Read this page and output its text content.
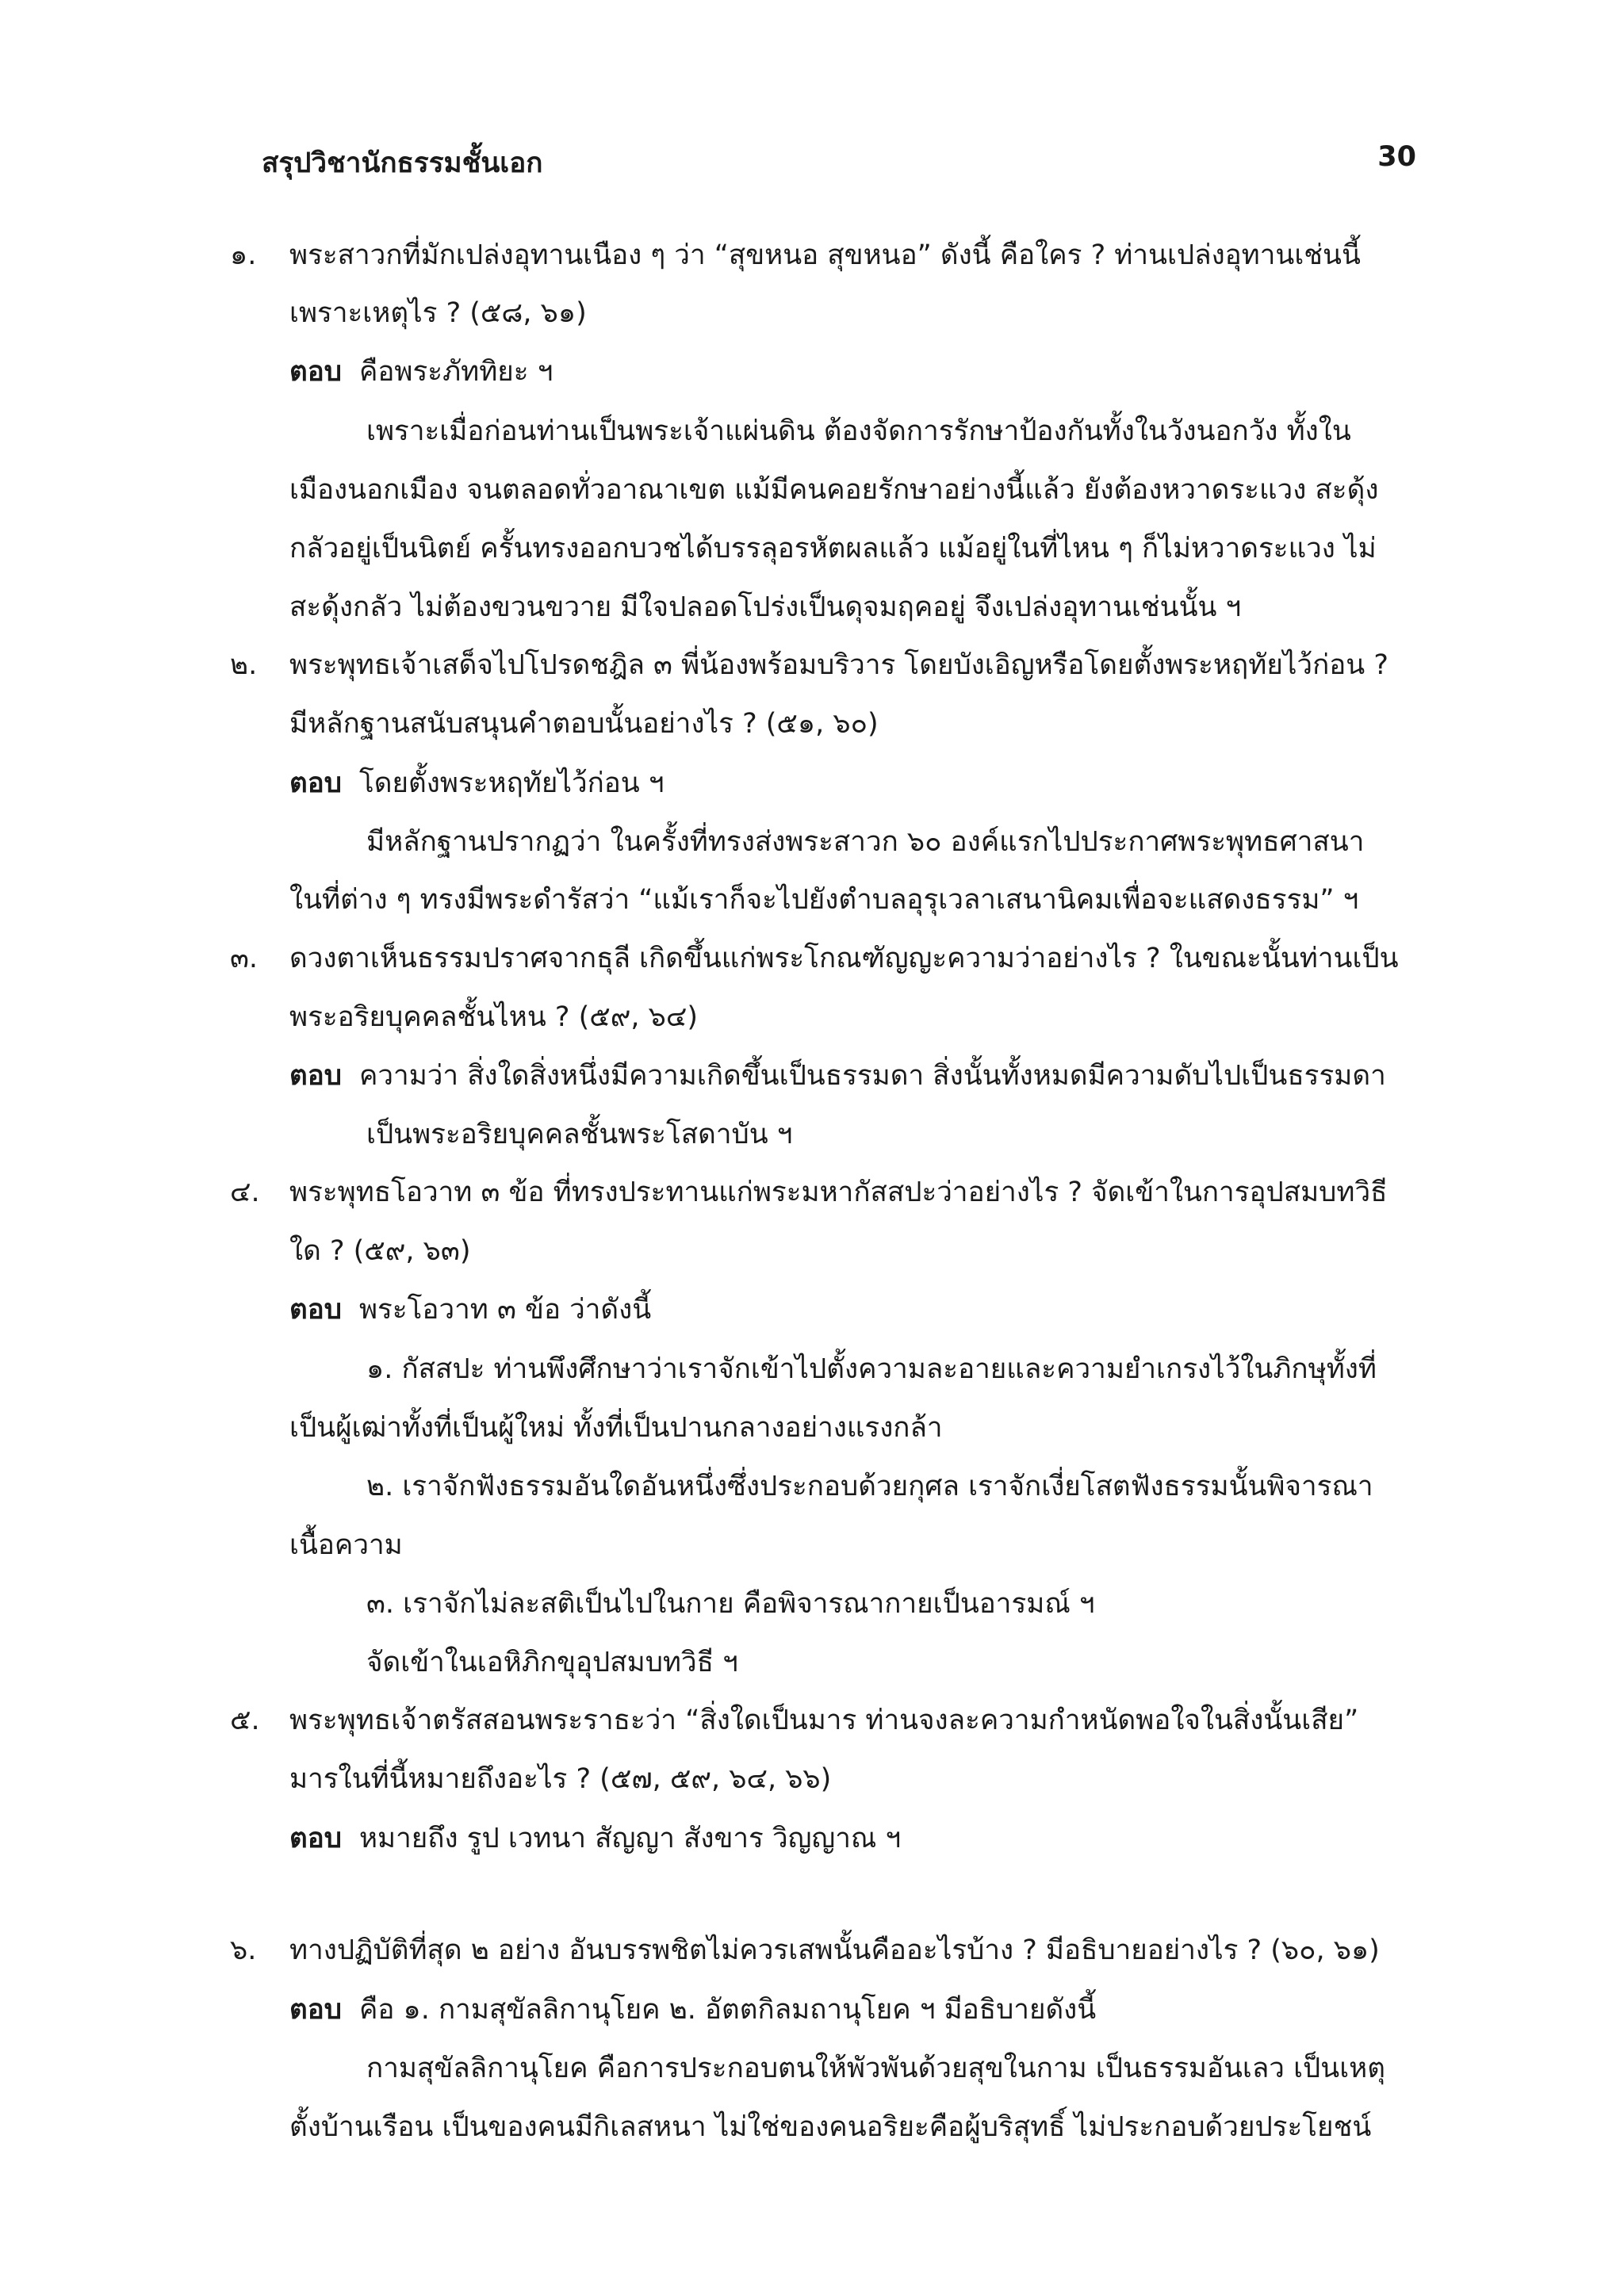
สรุปวิชานักธรรมชั้นเอก	30
๑. พระสาวกที่มักเปล่งอุทานเนือง ๆ ว่า “สุขหนอ สุขหนอ” ดังนี้ คือใคร ? ท่านเปล่งอุทานเช่นนี้
เพราะเหตุไร ? (๕๘, ๖๑)
ตอบ คือพระภัททิยะ ฯ
เพราะเมื่อก่อนท่านเป็นพระเจ้าแผ่นดิน ต้องจัดการรักษาป้องกันทั้งในวังนอกวัง ทั้งใน
เมืองนอกเมือง จนตลอดทั่วอาณาเขต แม้มีคนคอยรักษาอย่างนี้แล้ว ยังต้องหวาดระแวง สะดุ้ง
กลัวอยู่เป็นนิตย์ ครั้นทรงออกบวชได้บรรลุอรหัตผลแล้ว แม้อยู่ในที่ไหน ๆ ก็ไม่หวาดระแวง ไม่
สะดุ้งกลัว ไม่ต้องขวนขวาย มีใจปลอดโปร่งเป็นดุจมฤคอยู่ จึงเปล่งอุทานเช่นนั้น ฯ
๒. พระพุทธเจ้าเสด็จไปโปรดชฎิล ๓ พี่น้องพร้อมบริวาร โดยบังเอิญหรือโดยตั้งพระหฤทัยไว้ก่อน ?
มีหลักฐานสนับสนุนคำตอบนั้นอย่างไร ? (๕๑, ๖๐)
ตอบ โดยตั้งพระหฤทัยไว้ก่อน ฯ
มีหลักฐานปรากฏว่า ในครั้งที่ทรงส่งพระสาวก ๖๐ องค์แรกไปประกาศพระพุทธศาสนา
ในที่ต่าง ๆ ทรงมีพระดำรัสว่า “แม้เราก็จะไปยังตำบลอุรุเวลาเสนานิคมเพื่อจะแสดงธรรม” ฯ
๓. ดวงตาเห็นธรรมปราศจากธุลี เกิดขึ้นแก่พระโกณฑัญญะความว่าอย่างไร ? ในขณะนั้นท่านเป็น
พระอริยบุคคลชั้นไหน ? (๕๙, ๖๔)
ตอบ ความว่า สิ่งใดสิ่งหนึ่งมีความเกิดขึ้นเป็นธรรมดา สิ่งนั้นทั้งหมดมีความดับไปเป็นธรรมดา
เป็นพระอริยบุคคลชั้นพระโสดาบัน ฯ
๔. พระพุทธโอวาท ๓ ข้อ ที่ทรงประทานแก่พระมหากัสสปะว่าอย่างไร ? จัดเข้าในการอุปสมบทวิธี
ใด ? (๕๙, ๖๓)
ตอบ พระโอวาท ๓ ข้อ ว่าดังนี้
๑. กัสสปะ ท่านพึงศึกษาว่าเราจักเข้าไปตั้งความละอายและความยำเกรงไว้ในภิกษุทั้งที่
เป็นผู้เฒ่าทั้งที่เป็นผู้ใหม่ ทั้งที่เป็นปานกลางอย่างแรงกล้า
๒. เราจักฟังธรรมอันใดอันหนึ่งซึ่งประกอบด้วยกุศล เราจักเงี่ยโสตฟังธรรมนั้นพิจารณา
เนื้อความ
๓. เราจักไม่ละสติเป็นไปในกาย คือพิจารณากายเป็นอารมณ์ ฯ
จัดเข้าในเอหิภิกขุอุปสมบทวิธี ฯ
๕. พระพุทธเจ้าตรัสสอนพระราธะว่า “สิ่งใดเป็นมาร ท่านจงละความกำหนัดพอใจในสิ่งนั้นเสีย”
มารในที่นี้หมายถึงอะไร ? (๕๗, ๕๙, ๖๔, ๖๖)
ตอบ หมายถึง รูป เวทนา สัญญา สังขาร วิญญาณ ฯ
๖. ทางปฏิบัติที่สุด ๒ อย่าง อันบรรพชิตไม่ควรเสพนั้นคืออะไรบ้าง ? มีอธิบายอย่างไร ? (๖๐, ๖๑)
ตอบ คือ ๑. กามสุขัลลิกานุโยค ๒. อัตตกิลมถานุโยค ฯ มีอธิบายดังนี้
กามสุขัลลิกานุโยค คือการประกอบตนให้พัวพันด้วยสุขในกาม เป็นธรรมอันเลว เป็นเหตุ
ตั้งบ้านเรือน เป็นของคนมีกิเลสหนา ไม่ใช่ของคนอริยะคือผู้บริสุทธิ์ ไม่ประกอบด้วยประโยชน์
